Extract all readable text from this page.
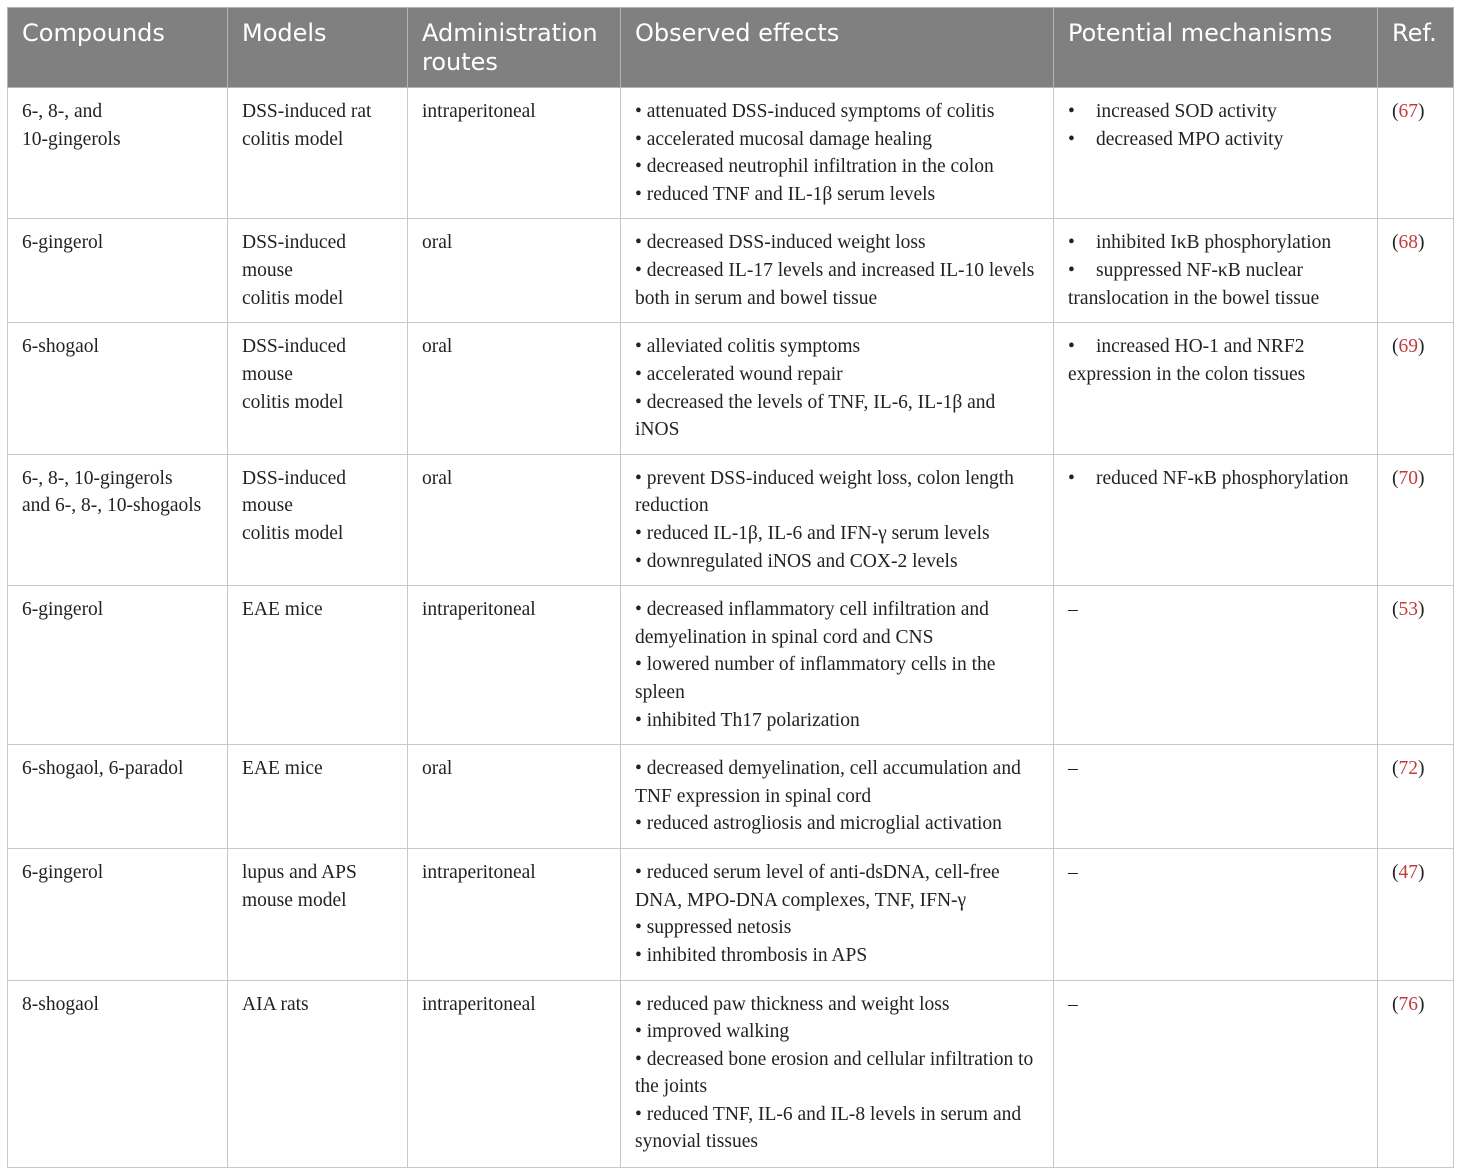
Compounds	Models	Administration routes	Observed effects	Potential mechanisms	Ref.

6-, 8-, and
10-gingerols	DSS-induced rat
colitis model	intraperitoneal	• attenuated DSS-induced symptoms of colitis
• accelerated mucosal damage healing
• decreased neutrophil infiltration in the colon
• reduced TNF and IL-1β serum levels	• increased SOD activity
• decreased MPO activity	(67)

6-gingerol	DSS-induced
mouse
colitis model	oral	• decreased DSS-induced weight loss
• decreased IL-17 levels and increased IL-10 levels both in serum and bowel tissue	• inhibited IκB phosphorylation
• suppressed NF-κB nuclear translocation in the bowel tissue	(68)

6-shogaol	DSS-induced
mouse
colitis model	oral	• alleviated colitis symptoms
• accelerated wound repair
• decreased the levels of TNF, IL-6, IL-1β and iNOS	• increased HO-1 and NRF2 expression in the colon tissues	(69)

6-, 8-, 10-gingerols
and 6-, 8-, 10-shogaols	DSS-induced
mouse
colitis model	oral	• prevent DSS-induced weight loss, colon length reduction
• reduced IL-1β, IL-6 and IFN-γ serum levels
• downregulated iNOS and COX-2 levels	• reduced NF-κB phosphorylation	(70)

6-gingerol	EAE mice	intraperitoneal	• decreased inflammatory cell infiltration and demyelination in spinal cord and CNS
• lowered number of inflammatory cells in the spleen
• inhibited Th17 polarization	–	(53)

6-shogaol, 6-paradol	EAE mice	oral	• decreased demyelination, cell accumulation and TNF expression in spinal cord
• reduced astrogliosis and microglial activation	–	(72)

6-gingerol	lupus and APS
mouse model	intraperitoneal	• reduced serum level of anti-dsDNA, cell-free DNA, MPO-DNA complexes, TNF, IFN-γ
• suppressed netosis
• inhibited thrombosis in APS	–	(47)

8-shogaol	AIA rats	intraperitoneal	• reduced paw thickness and weight loss
• improved walking
• decreased bone erosion and cellular infiltration to the joints
• reduced TNF, IL-6 and IL-8 levels in serum and synovial tissues	–	(76)
